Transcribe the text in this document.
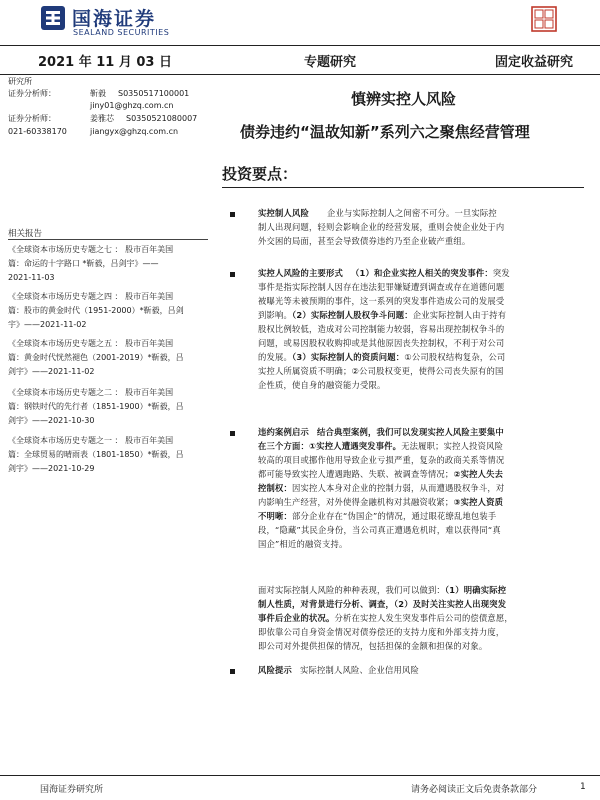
国海证券
SEALAND SECURITIES
2021 年 11 月 03 日	专题研究	固定收益研究
研究所
证券分析师：	靳毅 S0350517100001
jiny01@ghzq.com.cn
证券分析师：	姜雅芯 S0350521080007
021-60338170	jiangyx@ghzq.com.cn
慎辨实控人风险
债券违约“温故知新”系列六之聚焦经营管理
投资要点：
实控制人风险 企业与实际控制人之间密不可分。一旦实际控
制人出现问题，轻则会影响企业的经营发展，重则会使企业处于内
外交困的局面，甚至会导致债券违约乃至企业破产重组。
实控人风险的主要形式 （1）和企业实控人相关的突发事件：突发
事件是指实际控制人因存在违法犯罪嫌疑遭到调查或存在道德问题
被曝光等未被预期的事件，这一系列的突发事件造成公司的发展受
到影响。（2）实际控制人股权争斗问题：企业实际控制人由于持有
股权比例较低，造成对公司控制能力较弱，容易出现控制权争斗的
问题，或易因股权收购抑或是其他原因丧失控制权，不利于对公司
的发展。（3）实际控制人的资质问题：①公司股权结构复杂，公司
实控人所属资质不明确；②公司股权变更，使得公司丧失原有的国
企性质，使自身的融资能力受限。
违约案例启示 结合典型案例，我们可以发现实控人风险主要集中
在三个方面：①实控人遭遇突发事件。无法履职；实控人投资风险
较高的项目或挪作他用导致企业亏损严重，复杂的政商关系等情况
都可能导致实控人遭遇跑路、失联、被调查等情况；②实控人失去
控制权：因实控人本身对企业的控制力弱，从而遭遇股权争斗，对
内影响生产经营，对外使得金融机构对其融资收紧；③实控人资质
不明晰：部分企业存在“伪国企”的情况，通过眼花缭乱地包装手
段，“隐藏”其民企身份，当公司真正遭遇危机时，难以获得同“真
国企”相近的融资支持。
面对实际控制人风险的种种表现，我们可以做到：（1）明确实际控
制人性质，对背景进行分析、调查，（2）及时关注实控人出现突发
事件后企业的状况。分析在实控人发生突发事件后公司的偿债意愿，
即依靠公司自身资金情况对债券偿还的支持力度和外部支持力度，
即公司对外提供担保的情况，包括担保的金额和担保的对象。
风险提示 实际控制人风险、企业信用风险
相关报告
《全球资本市场历史专题之七 ： 股市百年美国
篇：命运的十字路口 *靳毅，吕剑宇》——
2021-11-03
《全球资本市场历史专题之四 ： 股市百年美国
篇：股市的黄金时代（1951-2000）*靳毅，吕剑
宇》——2021-11-02
《全球资本市场历史专题之五 ： 股市百年美国
篇：黄金时代恍然褪色（2001-2019）*靳毅，吕
剑宇》——2021-11-02
《全球资本市场历史专题之二 ： 股市百年美国
篇：钢铁时代的先行者（1851-1900）*靳毅，吕
剑宇》——2021-10-30
《全球资本市场历史专题之一 ： 股市百年美国
篇：全球贸易的晴雨表（1801-1850）*靳毅，吕
剑宇》——2021-10-29
国海证券研究所	请务必阅读正文后免责条款部分	1
